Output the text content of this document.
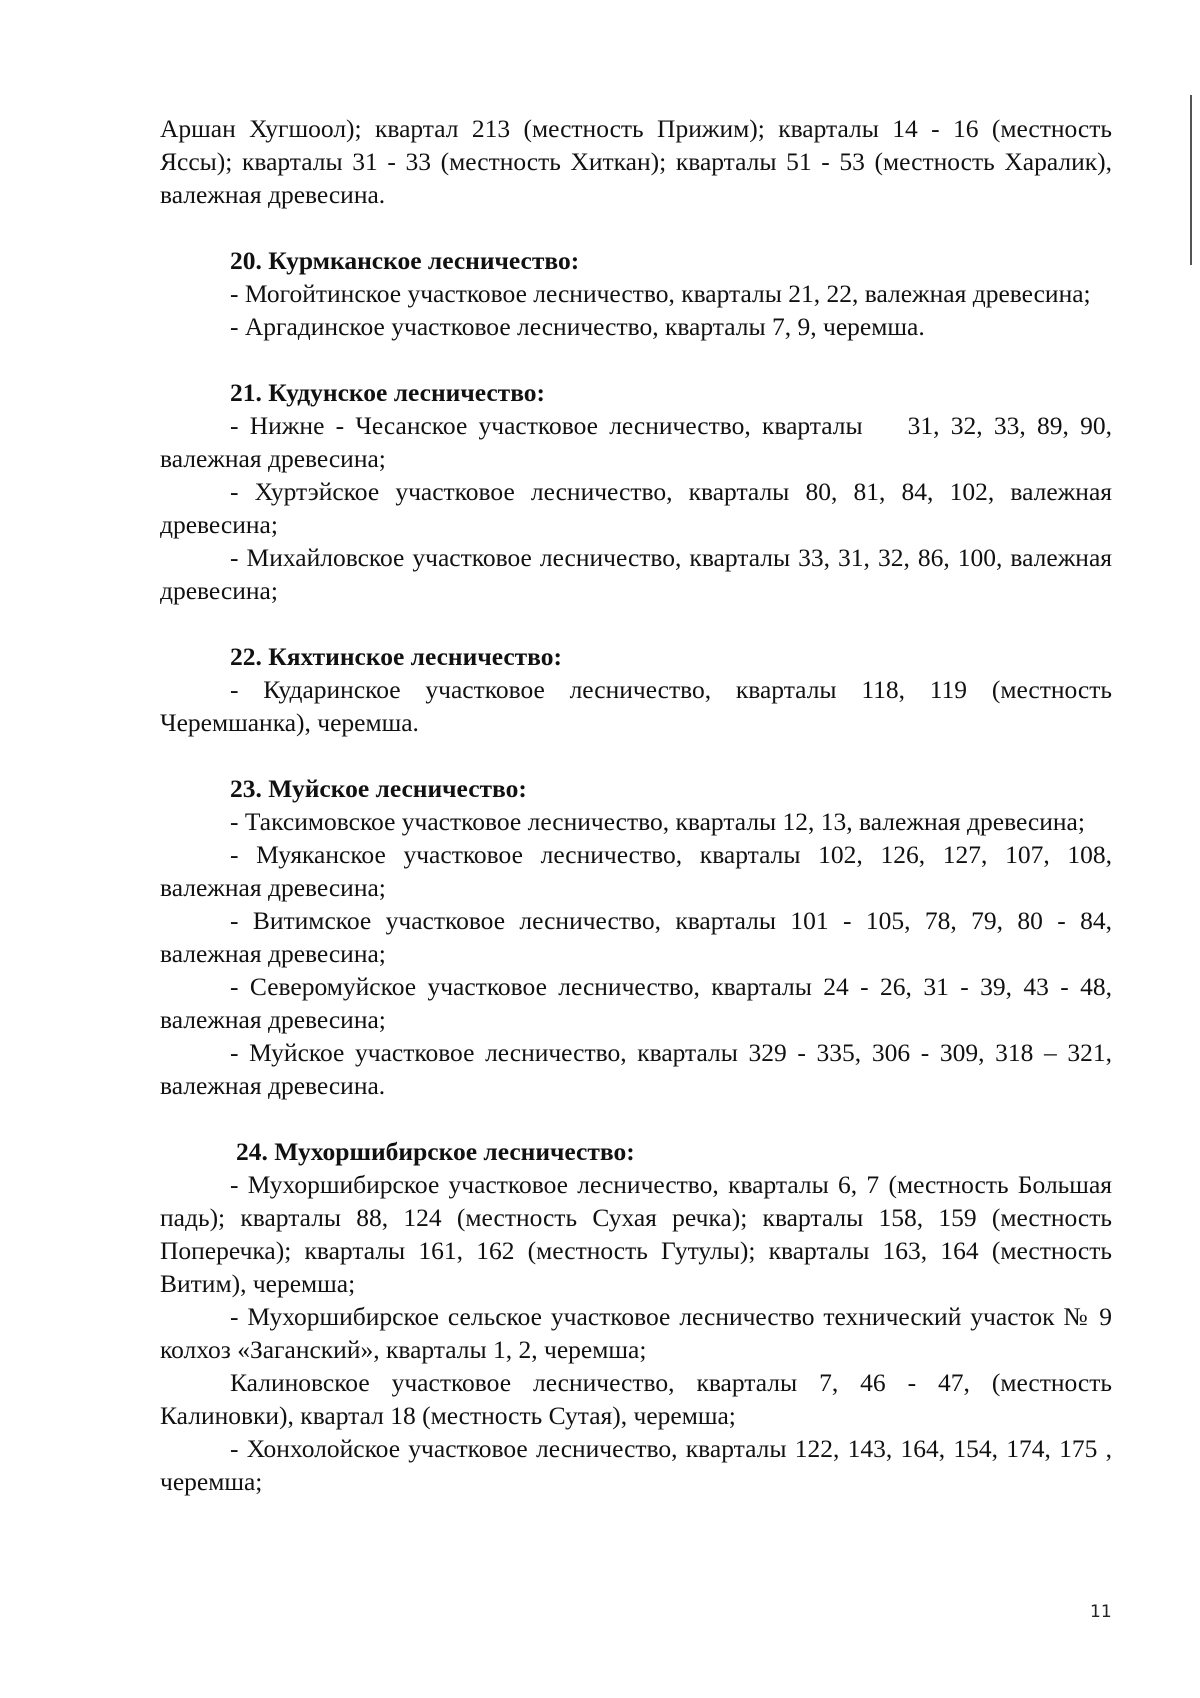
Аршан Хугшоол); квартал 213 (местность Прижим); кварталы 14 - 16 (местность Яссы); кварталы 31 - 33 (местность Хиткан); кварталы 51 - 53 (местность Харалик), валежная древесина.

20. Курмканское лесничество:

- Могойтинское участковое лесничество, кварталы 21, 22, валежная древесина;

- Аргадинское участковое лесничество, кварталы 7, 9, черемша.

21. Кудунское лесничество:

- Нижне - Чесанское участковое лесничество, кварталы    31, 32, 33, 89, 90, валежная древесина;

- Хуртэйское участковое лесничество, кварталы 80, 81, 84, 102, валежная древесина;

- Михайловское участковое лесничество, кварталы 33, 31, 32, 86, 100, валежная древесина;

22. Кяхтинское лесничество:

- Кударинское участковое лесничество, кварталы 118, 119 (местность Черемшанка), черемша.

23. Муйское лесничество:

- Таксимовское участковое лесничество, кварталы 12, 13, валежная древесина;

- Муяканское участковое лесничество, кварталы 102, 126, 127, 107, 108, валежная древесина;

- Витимское участковое лесничество, кварталы 101 - 105, 78, 79, 80 - 84, валежная древесина;

- Северомуйское участковое лесничество, кварталы 24 - 26, 31 - 39, 43 - 48, валежная древесина;

- Муйское участковое лесничество, кварталы 329 - 335, 306 - 309, 318 – 321, валежная древесина.

24. Мухоршибирское лесничество:

- Мухоршибирское участковое лесничество, кварталы 6, 7 (местность Большая падь); кварталы 88, 124 (местность Сухая речка); кварталы 158, 159 (местность Поперечка); кварталы 161, 162 (местность Гутулы); кварталы 163, 164 (местность Витим), черемша;

- Мухоршибирское сельское участковое лесничество технический участок № 9 колхоз «Заганский», кварталы 1, 2, черемша;

Калиновское участковое лесничество, кварталы 7, 46 - 47, (местность Калиновки), квартал 18 (местность Сутая), черемша;

- Хонхолойское участковое лесничество, кварталы 122, 143, 164, 154, 174, 175 , черемша;

11
